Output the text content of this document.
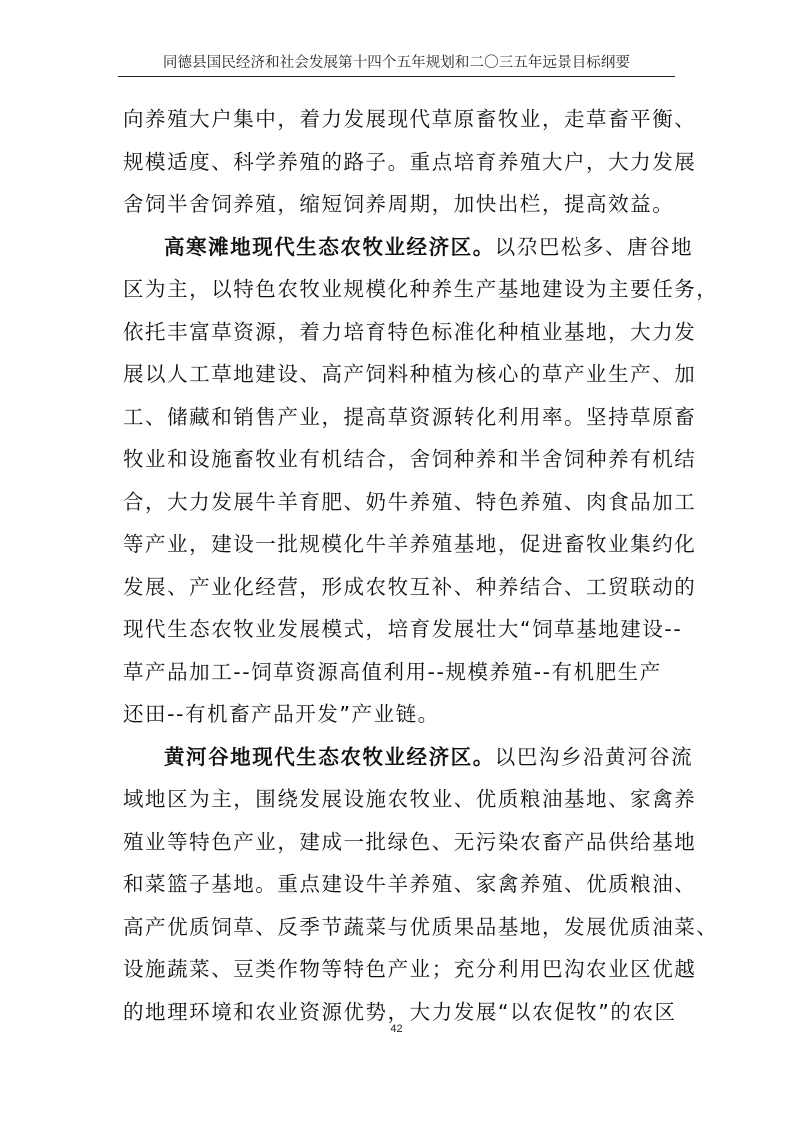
同德县国民经济和社会发展第十四个五年规划和二〇三五年远景目标纲要
向养殖大户集中，着力发展现代草原畜牧业，走草畜平衡、
规模适度、科学养殖的路子。重点培育养殖大户，大力发展
舍饲半舍饲养殖，缩短饲养周期，加快出栏，提高效益。
高寒滩地现代生态农牧业经济区。以尕巴松多、唐谷地
区为主，以特色农牧业规模化种养生产基地建设为主要任务，
依托丰富草资源，着力培育特色标准化种植业基地，大力发
展以人工草地建设、高产饲料种植为核心的草产业生产、加
工、储藏和销售产业，提高草资源转化利用率。坚持草原畜
牧业和设施畜牧业有机结合，舍饲种养和半舍饲种养有机结
合，大力发展牛羊育肥、奶牛养殖、特色养殖、肉食品加工
等产业，建设一批规模化牛羊养殖基地，促进畜牧业集约化
发展、产业化经营，形成农牧互补、种养结合、工贸联动的
现代生态农牧业发展模式，培育发展壮大“饲草基地建设--
草产品加工--饲草资源高值利用--规模养殖--有机肥生产
还田--有机畜产品开发”产业链。
黄河谷地现代生态农牧业经济区。以巴沟乡沿黄河谷流
域地区为主，围绕发展设施农牧业、优质粮油基地、家禽养
殖业等特色产业，建成一批绿色、无污染农畜产品供给基地
和菜篮子基地。重点建设牛羊养殖、家禽养殖、优质粮油、
高产优质饲草、反季节蔬菜与优质果品基地，发展优质油菜、
设施蔬菜、豆类作物等特色产业；充分利用巴沟农业区优越
的地理环境和农业资源优势，大力发展“以农促牧”的农区
42
